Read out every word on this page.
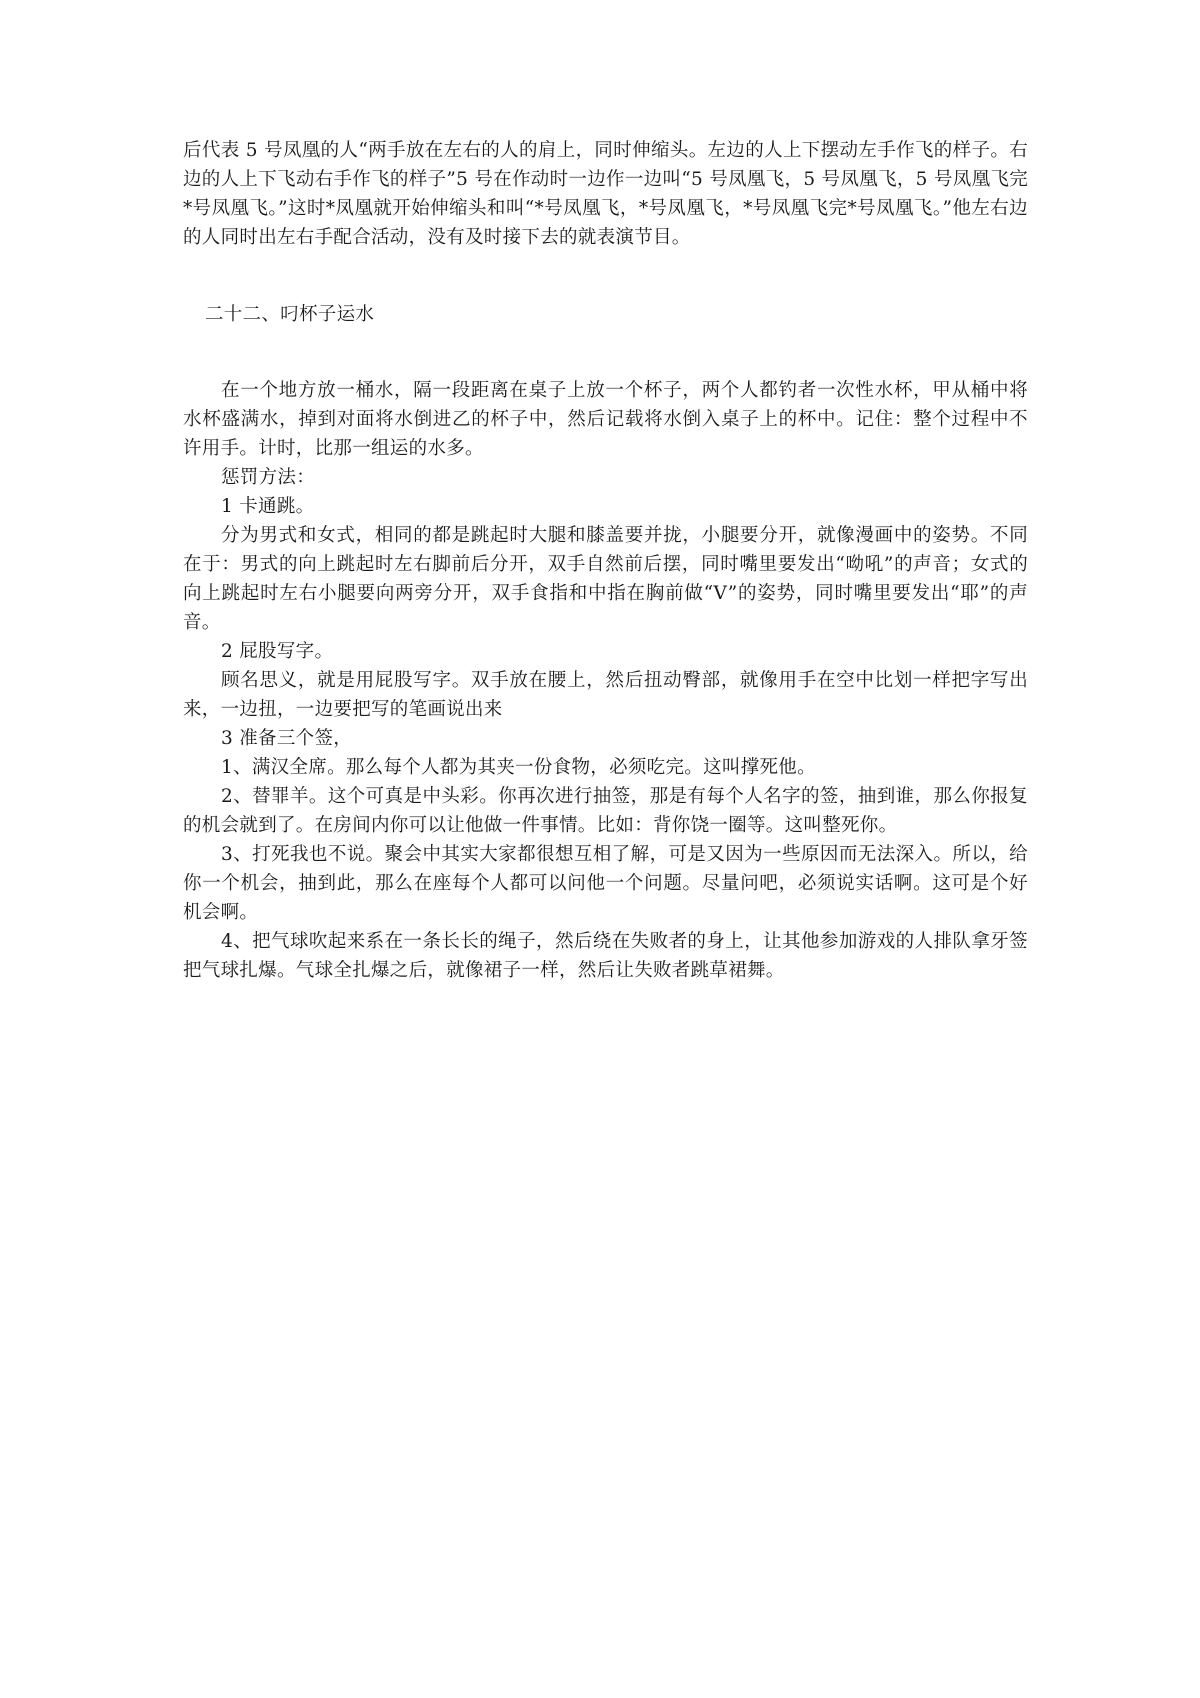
后代表 5 号凤凰的人“两手放在左右的人的肩上，同时伸缩头。左边的人上下摆动左手作飞的样子。右边的人上下飞动右手作飞的样子”5 号在作动时一边作一边叫“5 号凤凰飞，5 号凤凰飞，5 号凤凰飞完*号凤凰飞。”这时*凤凰就开始伸缩头和叫“*号凤凰飞，*号凤凰飞，*号凤凰飞完*号凤凰飞。”他左右边的人同时出左右手配合活动，没有及时接下去的就表演节目。

二十二、叼杯子运水

在一个地方放一桶水，隔一段距离在桌子上放一个杯子，两个人都钓者一次性水杯，甲从桶中将水杯盛满水，掉到对面将水倒进乙的杯子中，然后记载将水倒入桌子上的杯中。记住：整个过程中不许用手。计时，比那一组运的水多。

惩罚方法：

1 卡通跳。

分为男式和女式，相同的都是跳起时大腿和膝盖要并拢，小腿要分开，就像漫画中的姿势。不同在于：男式的向上跳起时左右脚前后分开，双手自然前后摆，同时嘴里要发出“呦吼”的声音；女式的向上跳起时左右小腿要向两旁分开，双手食指和中指在胸前做“V”的姿势，同时嘴里要发出“耶”的声音。

2 屁股写字。

顾名思义，就是用屁股写字。双手放在腰上，然后扭动臀部，就像用手在空中比划一样把字写出来，一边扭，一边要把写的笔画说出来

3 准备三个签，

1、满汉全席。那么每个人都为其夹一份食物，必须吃完。这叫撑死他。

2、替罪羊。这个可真是中头彩。你再次进行抽签，那是有每个人名字的签，抽到谁，那么你报复的机会就到了。在房间内你可以让他做一件事情。比如：背你饶一圈等。这叫整死你。

3、打死我也不说。聚会中其实大家都很想互相了解，可是又因为一些原因而无法深入。所以，给你一个机会，抽到此，那么在座每个人都可以问他一个问题。尽量问吧，必须说实话啊。这可是个好机会啊。

4、把气球吹起来系在一条长长的绳子，然后绕在失败者的身上，让其他参加游戏的人排队拿牙签把气球扎爆。气球全扎爆之后，就像裙子一样，然后让失败者跳草裙舞。
